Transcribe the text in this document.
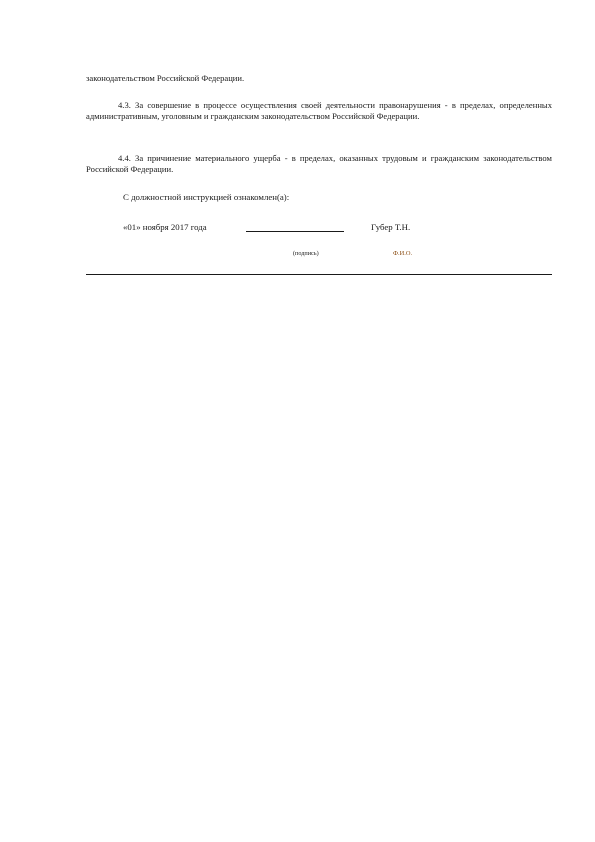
законодательством Российской Федерации.
4.3. За совершение в процессе осуществления своей деятельности правонарушения - в пределах, определенных административным, уголовным и гражданским законодательством Российской Федерации.
4.4. За причинение материального ущерба - в пределах, оказанных трудовым и гражданским законодательством Российской Федерации.
С должностной инструкцией ознакомлен(а):
«01» ноября 2017 года	Губер Т.Н.
(подпись)	Ф.И.О.
